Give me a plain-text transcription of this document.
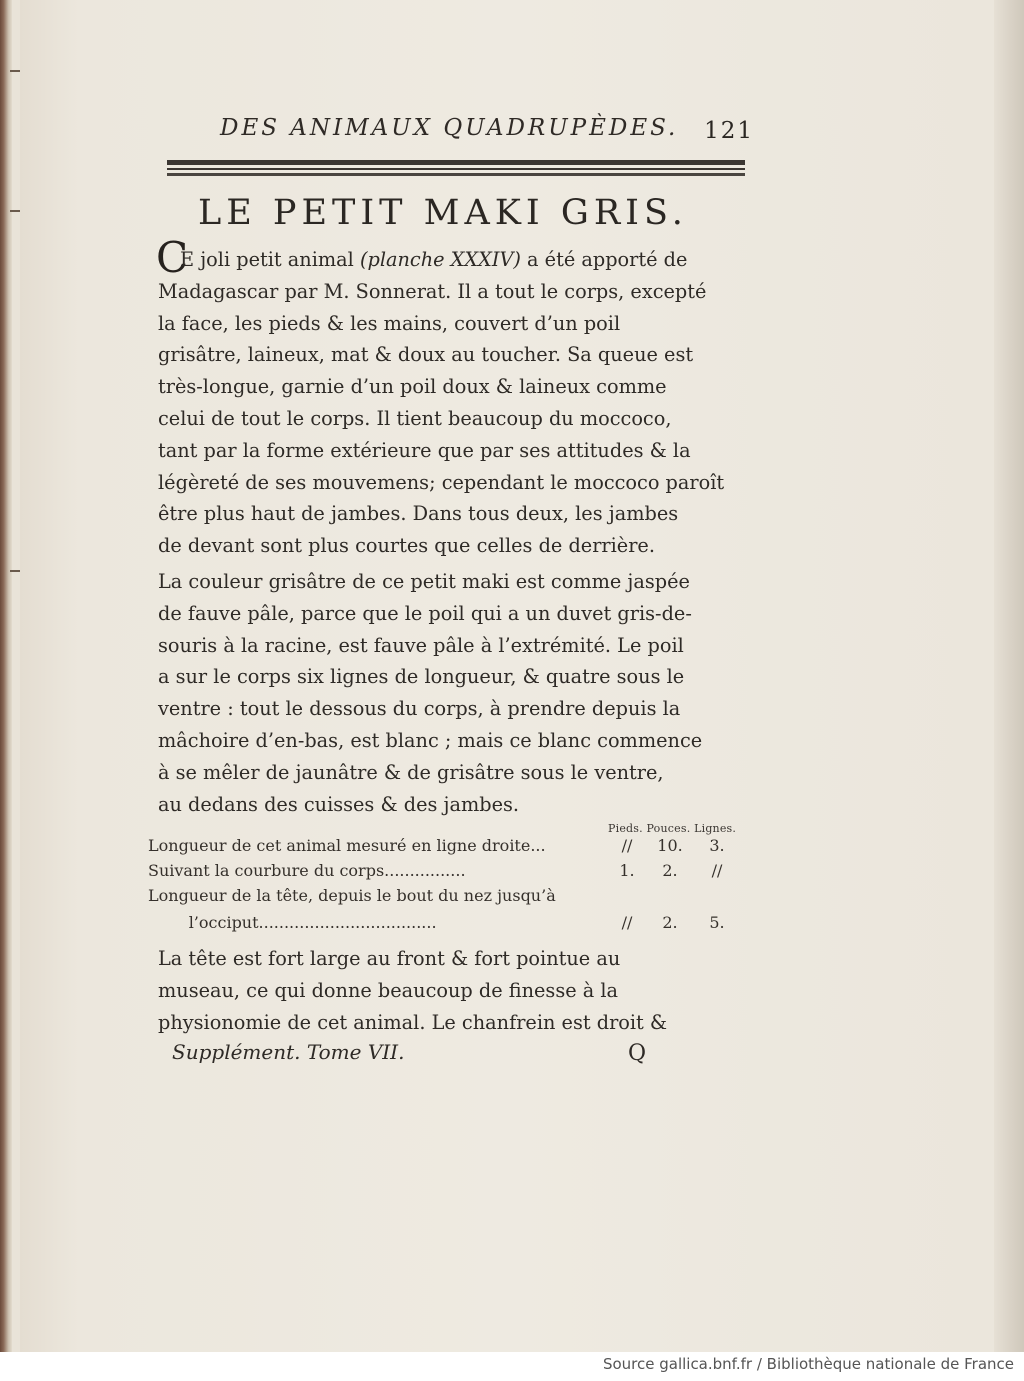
DES ANIMAUX QUADRUPÈDES.	121
LE PETIT MAKI GRIS.
C
E joli petit animal (planche XXXIV) a été apporté de
Madagascar par M. Sonnerat. Il a tout le corps, excepté
la face, les pieds & les mains, couvert d’un poil
grisâtre, laineux, mat & doux au toucher. Sa queue est
très-longue, garnie d’un poil doux & laineux comme
celui de tout le corps. Il tient beaucoup du moccoco,
tant par la forme extérieure que par ses attitudes & la
légèreté de ses mouvemens; cependant le moccoco paroît
être plus haut de jambes. Dans tous deux, les jambes
de devant sont plus courtes que celles de derrière.
La couleur grisâtre de ce petit maki est comme jaspée
de fauve pâle, parce que le poil qui a un duvet gris-de-
souris à la racine, est fauve pâle à l’extrémité. Le poil
a sur le corps six lignes de longueur, & quatre sous le
ventre : tout le dessous du corps, à prendre depuis la
mâchoire d’en-bas, est blanc ; mais ce blanc commence
à se mêler de jaunâtre & de grisâtre sous le ventre,
au dedans des cuisses & des jambes.
Pieds. Pouces. Lignes.
Longueur de cet animal mesuré en ligne droite...	//	10.	3.
Suivant la courbure du corps................	1.	2.	//
Longueur de la tête, depuis le bout du nez jusqu’à
l’occiput...................................	//	2.	5.
La tête est fort large au front & fort pointue au
museau, ce qui donne beaucoup de finesse à la
physionomie de cet animal. Le chanfrein est droit &
Supplément. Tome VII.	Q
Source gallica.bnf.fr / Bibliothèque nationale de France
